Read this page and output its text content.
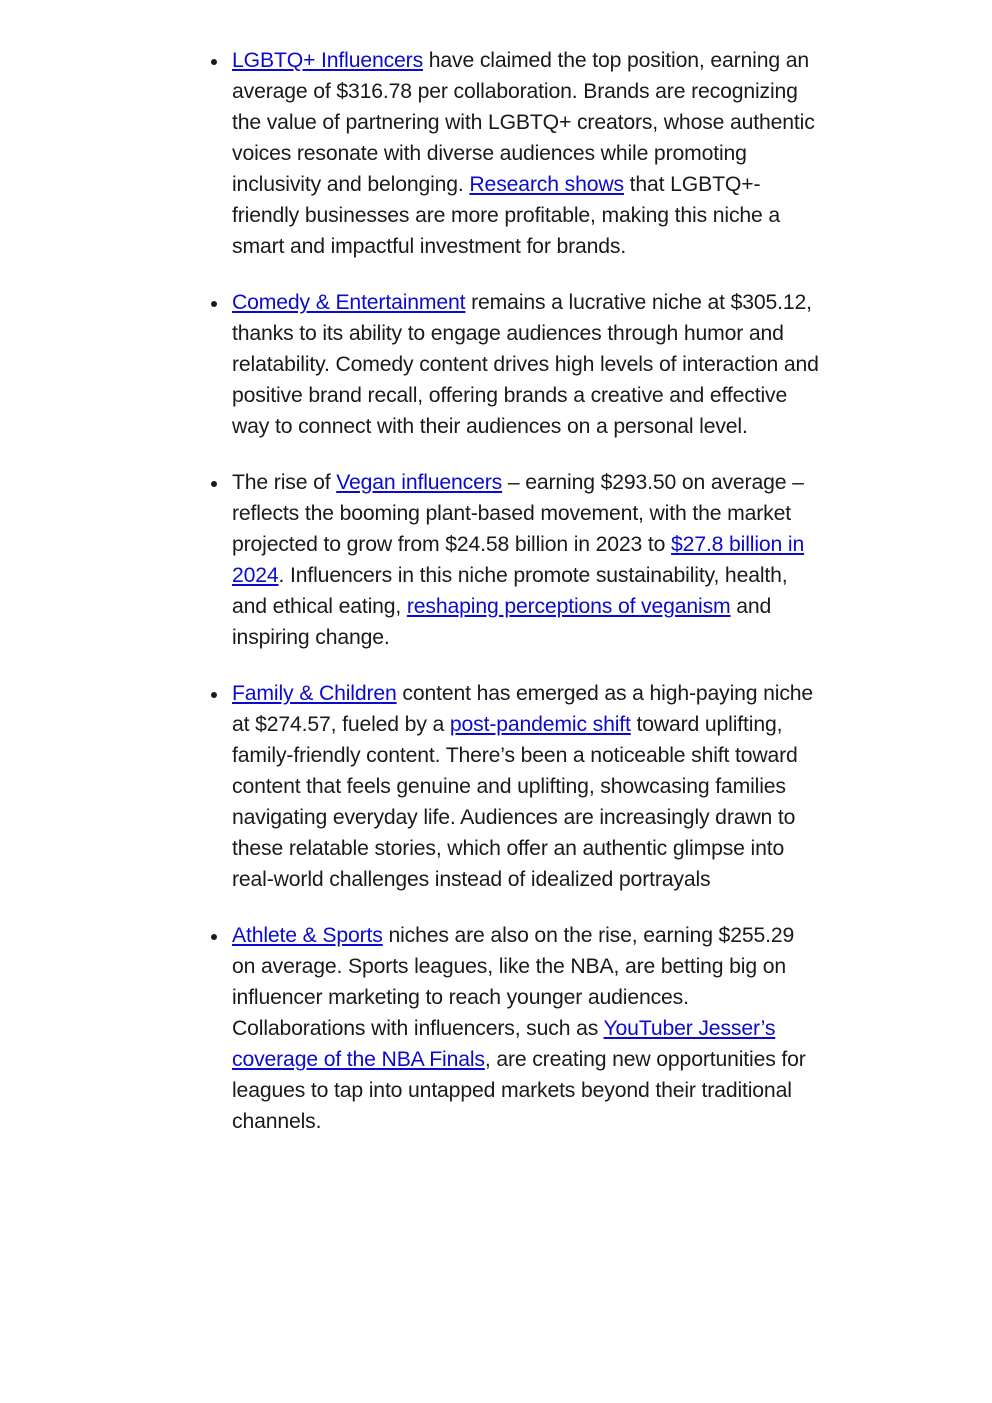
LGBTQ+ Influencers have claimed the top position, earning an average of $316.78 per collaboration. Brands are recognizing the value of partnering with LGBTQ+ creators, whose authentic voices resonate with diverse audiences while promoting inclusivity and belonging. Research shows that LGBTQ+-friendly businesses are more profitable, making this niche a smart and impactful investment for brands.
Comedy & Entertainment remains a lucrative niche at $305.12, thanks to its ability to engage audiences through humor and relatability. Comedy content drives high levels of interaction and positive brand recall, offering brands a creative and effective way to connect with their audiences on a personal level.
The rise of Vegan influencers – earning $293.50 on average – reflects the booming plant-based movement, with the market projected to grow from $24.58 billion in 2023 to $27.8 billion in 2024. Influencers in this niche promote sustainability, health, and ethical eating, reshaping perceptions of veganism and inspiring change.
Family & Children content has emerged as a high-paying niche at $274.57, fueled by a post-pandemic shift toward uplifting, family-friendly content. There’s been a noticeable shift toward content that feels genuine and uplifting, showcasing families navigating everyday life. Audiences are increasingly drawn to these relatable stories, which offer an authentic glimpse into real-world challenges instead of idealized portrayals
Athlete & Sports niches are also on the rise, earning $255.29 on average. Sports leagues, like the NBA, are betting big on influencer marketing to reach younger audiences. Collaborations with influencers, such as YouTuber Jesser’s coverage of the NBA Finals, are creating new opportunities for leagues to tap into untapped markets beyond their traditional channels.
